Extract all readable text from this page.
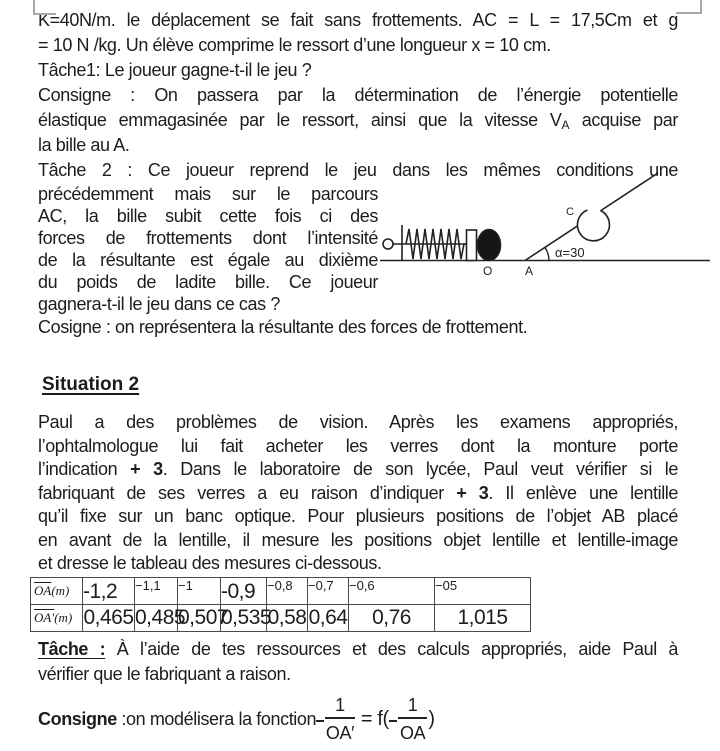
K=40N/m. le déplacement se fait sans frottements. AC = L = 17,5Cm et g
= 10 N /kg. Un élève comprime le ressort d’une longueur x = 10 cm.
Tâche1: Le joueur gagne-t-il le jeu ?
Consigne : On passera par la détermination de l’énergie potentielle
élastique emmagasinée par le ressort, ainsi que la vitesse $V_A$ acquise par
la bille au A.
Tâche 2 : Ce joueur reprend le jeu dans les mêmes conditions une
C
α=30
O	A
précédemment mais sur le parcours
AC, la bille subit cette fois ci des
forces de frottements dont l’intensité
de la résultante est égale au dixième
du poids de ladite bille. Ce joueur
gagnera-t-il le jeu dans ce cas ?
Cosigne : on représentera la résultante des forces de frottement.
Situation 2
Paul a des problèmes de vision. Après les examens appropriés,
l’ophtalmologue lui fait acheter les verres dont la monture porte
l’indication + 3. Dans le laboratoire de son lycée, Paul veut vérifier si le
fabriquant de ses verres a eu raison d’indiquer + 3. Il enlève une lentille
qu’il fixe sur un banc optique. Pour plusieurs positions de l’objet AB placé
en avant de la lentille, il mesure les positions objet lentille et lentille-image
et dresse le tableau des mesures ci-dessous.
$\overline{OA}(m)$	-1,2	−1,1	−1	-0,9	−0,8	−0,7	−0,6	−05
OA′(m)	0,465	0,485	0,507	0,535	0,58	0,64	0,76	1,015
Tâche : À l’aide de tes ressources et des calculs appropriés, aide Paul à
vérifier que le fabriquant a raison.
Consigne :on modélisera la fonction $\frac{1}{OA'} = f( \frac{1}{OA}$ )
